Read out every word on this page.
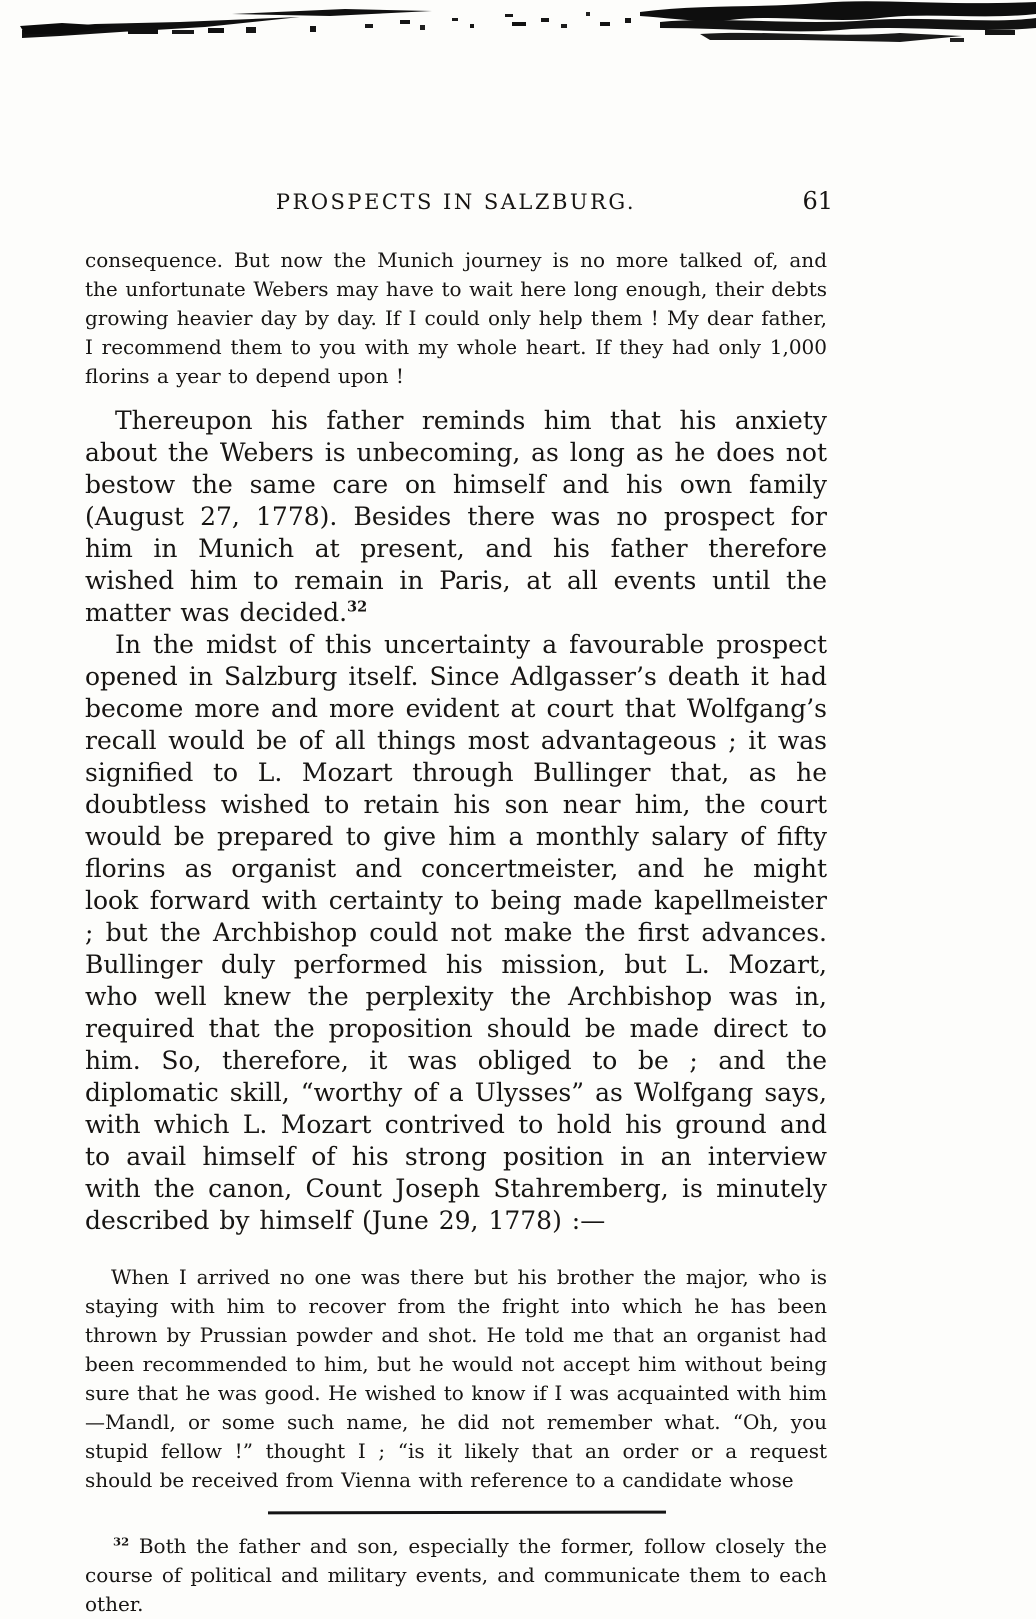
PROSPECTS IN SALZBURG.	61

consequence. But now the Munich journey is no more talked of, and the unfortunate Webers may have to wait here long enough, their debts growing heavier day by day. If I could only help them ! My dear father, I recommend them to you with my whole heart. If they had only 1,000 florins a year to depend upon !

Thereupon his father reminds him that his anxiety about the Webers is unbecoming, as long as he does not bestow the same care on himself and his own family (August 27, 1778). Besides there was no prospect for him in Munich at present, and his father therefore wished him to remain in Paris, at all events until the matter was decided.$^{32}$

In the midst of this uncertainty a favourable prospect opened in Salzburg itself. Since Adlgasser’s death it had become more and more evident at court that Wolfgang’s recall would be of all things most advantageous ; it was signified to L. Mozart through Bullinger that, as he doubtless wished to retain his son near him, the court would be prepared to give him a monthly salary of fifty florins as organist and concertmeister, and he might look forward with certainty to being made kapellmeister ; but the Archbishop could not make the first advances. Bullinger duly performed his mission, but L. Mozart, who well knew the perplexity the Archbishop was in, required that the proposition should be made direct to him. So, therefore, it was obliged to be ; and the diplomatic skill, “worthy of a Ulysses” as Wolfgang says, with which L. Mozart contrived to hold his ground and to avail himself of his strong position in an interview with the canon, Count Joseph Stahremberg, is minutely described by himself (June 29, 1778) :—

When I arrived no one was there but his brother the major, who is staying with him to recover from the fright into which he has been thrown by Prussian powder and shot. He told me that an organist had been recommended to him, but he would not accept him without being sure that he was good. He wished to know if I was acquainted with him —Mandl, or some such name, he did not remember what. “Oh, you stupid fellow !” thought I ; “is it likely that an order or a request should be received from Vienna with reference to a candidate whose

$^{32}$ Both the father and son, especially the former, follow closely the course of political and military events, and communicate them to each other.
